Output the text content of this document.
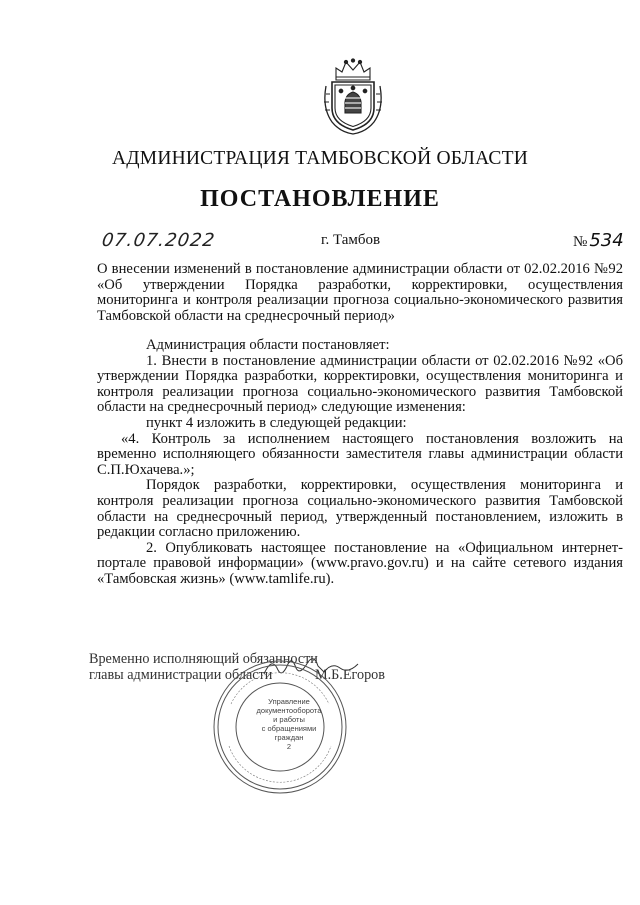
АДМИНИСТРАЦИЯ ТАМБОВСКОЙ ОБЛАСТИ
ПОСТАНОВЛЕНИЕ
07.07.2022	г. Тамбов	№ 534
О внесении изменений в постановление администрации области от 02.02.2016 №92 «Об утверждении Порядка разработки, корректировки, осуществления мониторинга и контроля реализации прогноза социально-экономического развития Тамбовской области на среднесрочный период»

Администрация области постановляет:

1. Внести в постановление администрации области от 02.02.2016 №92 «Об утверждении Порядка разработки, корректировки, осуществления мониторинга и контроля реализации прогноза социально-экономического развития Тамбовской области на среднесрочный период» следующие изменения:

пункт 4 изложить в следующей редакции:

«4. Контроль за исполнением настоящего постановления возложить на временно исполняющего обязанности заместителя главы администрации области С.П.Юхачева.»;

Порядок разработки, корректировки, осуществления мониторинга и контроля реализации прогноза социально-экономического развития Тамбовской области на среднесрочный период, утвержденный постановлением, изложить в редакции согласно приложению.

2. Опубликовать настоящее постановление на «Официальном интернет-портале правовой информации» (www.pravo.gov.ru) и на сайте сетевого издания «Тамбовская жизнь» (www.tamlife.ru).

Временно исполняющий обязанности
главы администрации области	М.Б.Егоров
Управление
документооборота
и работы
с обращениями
граждан
2
